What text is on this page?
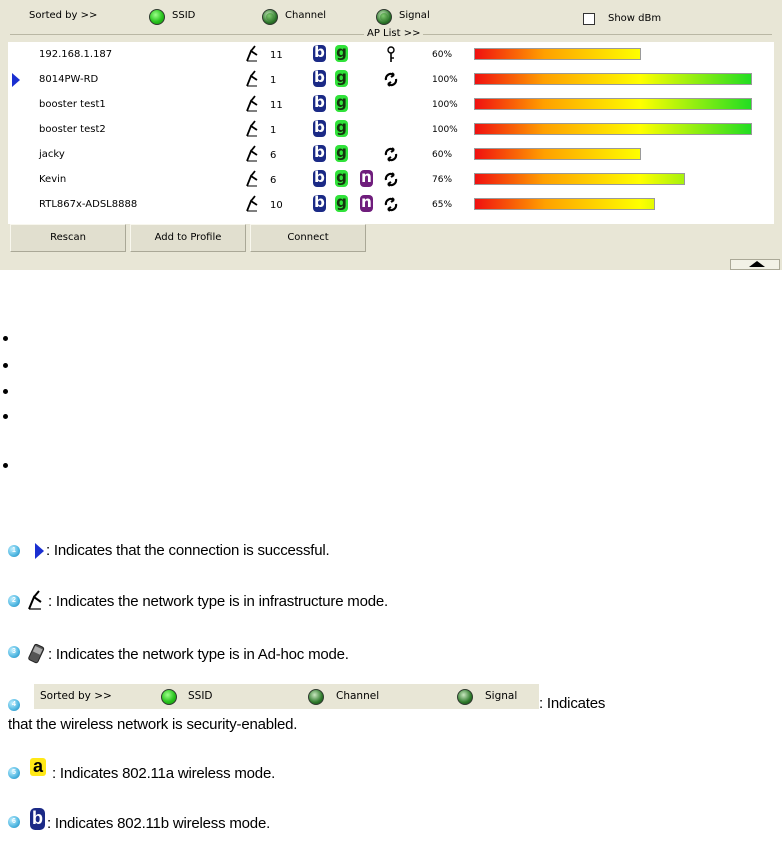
Sorted by >>	SSID	Channel	Signal	Show dBm
AP List >>
192.168.1.187	11 b g	60%
8014PW-RD	1	b g	100%
booster test1	11 b g	100%
booster test2	1	b g	100%
jacky	6	b g	60%
Kevin	6	b g n	76%
RTL867x-ADSL8888	10 b g n	65%
Rescan	Add to Profile	Connect
1 : Indicates that the connection is successful.
2 : Indicates the network type is in infrastructure mode.
3 : Indicates the network type is in Ad-hoc mode.
4
Sorted by >>	SSID	Channel	Signal : Indicates
that the wireless network is security-enabled.
5 a : Indicates 802.11a wireless mode.
6 b : Indicates 802.11b wireless mode.
